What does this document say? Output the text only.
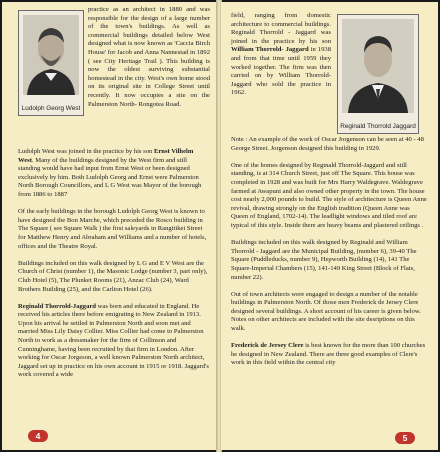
Ludolph Georg West
practice as an architect in 1880 and was responsible for the design of a large number of the town's buildings. As well as commercial buildings detailed below West designed what is now known as 'Caccia Birch House' for Jacob and Anna Nannestad in 1892 ( see City Heritage Trail ). This building is now the oldest surviving substantial homestead in the city. West's own home stood on its original site in College Street until recently. It now occupies a site on the Palmerston North- Rongotea Road.

Ludolph West was joined in the practice by his son Ernst Vilhelm West. Many of the buildings designed by the West firm and still standing would have had input from Ernst West or been designed exclusively by him. Both Ludolph Georg and Ernst were Palmerston North Borough Councillors, and L G West was Mayor of the borough from 1886 to 1887

Of the early buildings in the borough Ludolph Georg West is known to have designed the Bon Marche, which preceded the Rosco building in The Square ( see Square Walk ) the first saleyards in Rangitikei Street for Matthew Henry and Abraham and Williams and a number of hotels, offices and the Theatre Royal.

Buildings included on this walk designed by L G and E V West are the Church of Christ (number 1), the Masonic Lodge (number 3, part only), Club Hotel (5), The Plunket Rooms (21), Anzac Club (24), Ward Brothers Building (25), and the Carlton Hotel (26).

Reginald Thorrold-Jaggard was born and educated in England. He received his articles there before emigrating to New Zealand in 1913. Upon his arrival he settled in Palmerston North and soon met and married Miss Lily Daisy Collier. Miss Collier had come to Palmerston North to work as a dressmaker for the firm of Collinson and Cunninghame, having been recruited by that firm in London. After working for Oscar Jorgeson, a well known Palmerston North architect, Jaggard set up in practice on his own account in 1915 or 1918. Jaggard's work covered a wide

4
field, ranging from domestic architecture to commercial buildings. Reginald Thorrold - Jaggard was joined in the practice by his son William Thorrold- Jaggard in 1938 and from that time until 1959 they worked together. The firm was then carried on by William Thorrold-Jaggard who sold the practice in 1962.
Reginald Thorrold Jaggard

Note : An example of the work of Oscar Jorgenson can be seen at 40 - 48 George Street. Jorgenson designed this building in 1929.

One of the homes designed by Reginald Thorrold-Jaggard and still standing, is at 314 Church Street, just off The Square. This house was completed in 1928 and was built for Mrs Harry Waldegrave. Waldegrave farmed at Awapuni and also owned other property in the town. The house cost nearly 2,000 pounds to build. The style of architecture is Queen Anne revival, drawing strongly on the English tradition (Queen Anne was Queen of England, 1702-14). The leadlight windows and tiled roof are typical of this style. Inside there are heavy beams and plastered ceilings .

Buildings included on this walk designed by Reginald and William Thorrold - Jaggard are the Municipal Building, (number 6), 39-40 The Square (Puddleducks, number 9), Hepworth Building (14), 141 The Square-Imperial Chambers (15), 141-149 King Street (Block of Flats, number 22).

Out of town architects were engaged to design a number of the notable buildings in Palmerston North. Of those men Frederick de Jersey Clere designed several buildings. A short account of his career is given below. Notes on other architects are included with the site desriptions on this walk.

Frederick de Jersey Clere is best known for the more than 100 churches he designed in New Zealand. There are three good examples of Clere's work in this field within the central city

5
